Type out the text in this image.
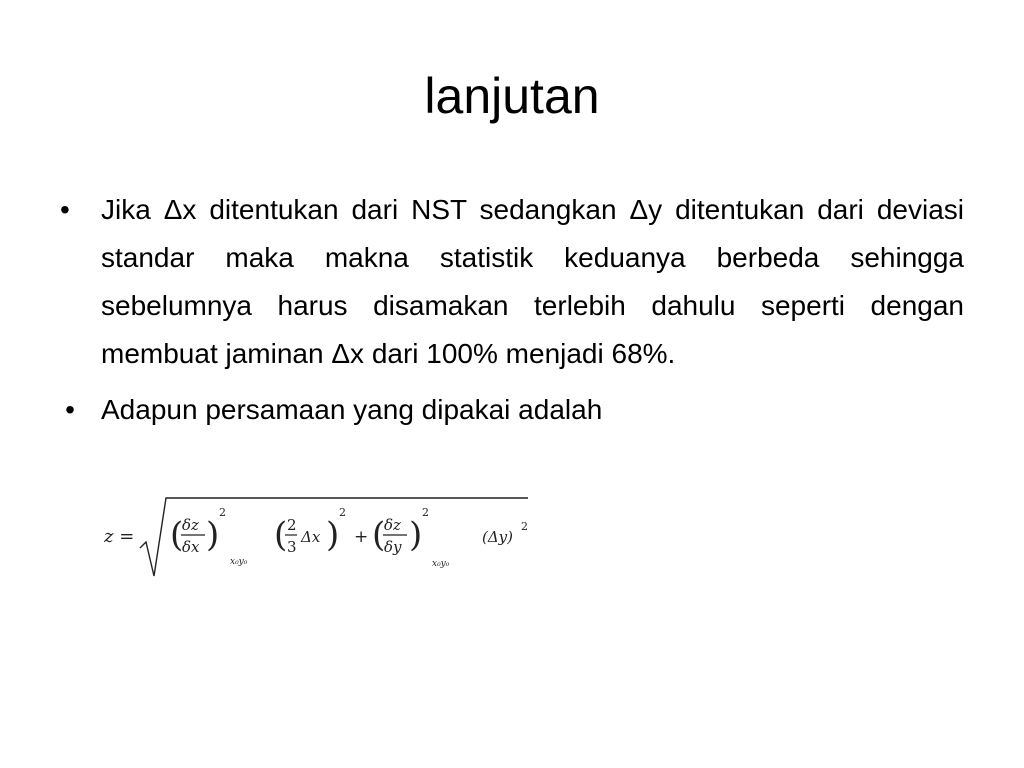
lanjutan
•	Jika Δx ditentukan dari NST sedangkan Δy ditentukan dari deviasi standar maka makna statistik keduanya berbeda sehingga sebelumnya harus disamakan terlebih dahulu seperti dengan membuat jaminan Δx dari 100% menjadi 68%.
• Adapun persamaan yang dipakai adalah
z = (
δz
δx )
2
x₀y₀
( 2
3
Δx )
2
+ (
δz
δy )
2
x₀y₀
(Δy)
2
